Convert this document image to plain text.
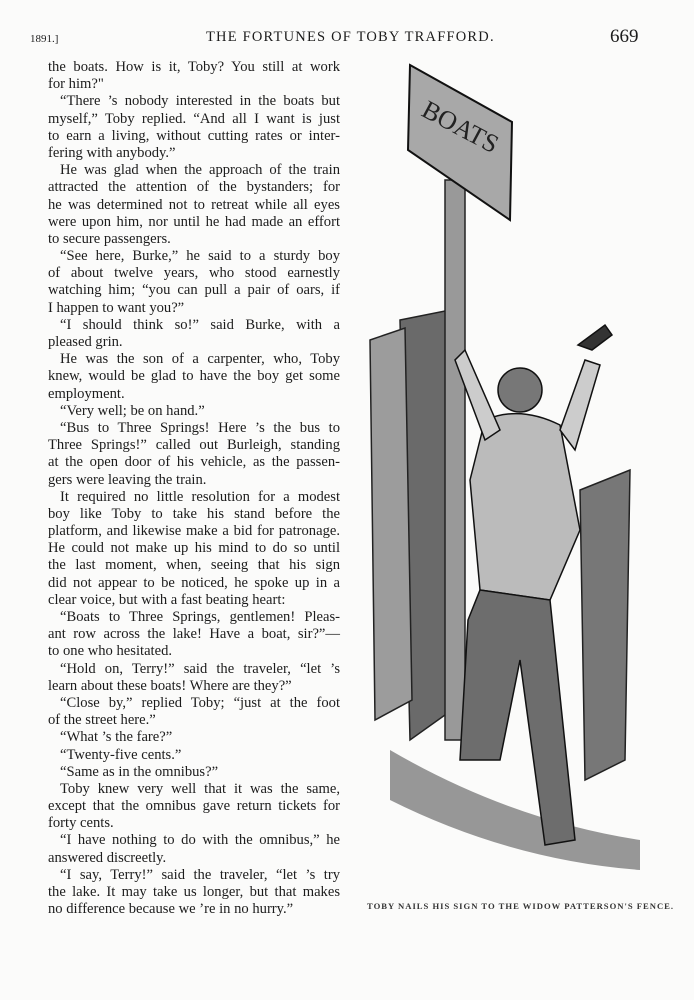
1891.]	THE FORTUNES OF TOBY TRAFFORD.	669
the boats. How is it, Toby? You still at work
for him?"
“There ’s nobody interested in the boats but
myself,” Toby replied. “And all I want is just
to earn a living, without cutting rates or inter-
fering with anybody.”
He was glad when the approach of the train
attracted the attention of the bystanders; for
he was determined not to retreat while all eyes
were upon him, nor until he had made an effort
to secure passengers.
“See here, Burke,” he said to a sturdy boy
of about twelve years, who stood earnestly
watching him; “you can pull a pair of oars, if
I happen to want you?”
“I should think so!” said Burke, with a
pleased grin.
He was the son of a carpenter, who, Toby
knew, would be glad to have the boy get some
employment.
“Very well; be on hand.”
“Bus to Three Springs! Here ’s the bus to
Three Springs!” called out Burleigh, standing
at the open door of his vehicle, as the passen-
gers were leaving the train.
It required no little resolution for a modest
boy like Toby to take his stand before the
platform, and likewise make a bid for patronage.
He could not make up his mind to do so until
the last moment, when, seeing that his sign
did not appear to be noticed, he spoke up in a
clear voice, but with a fast beating heart:
“Boats to Three Springs, gentlemen! Pleas-
ant row across the lake! Have a boat, sir?”—
to one who hesitated.
“Hold on, Terry!” said the traveler, “let ’s
learn about these boats! Where are they?”
“Close by,” replied Toby; “just at the foot
of the street here.”
“What ’s the fare?”
“Twenty-five cents.”
“Same as in the omnibus?”
Toby knew very well that it was the same,
except that the omnibus gave return tickets for
forty cents.
“I have nothing to do with the omnibus,” he
answered discreetly.
“I say, Terry!” said the traveler, “let ’s try
the lake. It may take us longer, but that makes
no difference because we ’re in no hurry.”
BOATS
TOBY NAILS HIS SIGN TO THE WIDOW PATTERSON'S FENCE.
